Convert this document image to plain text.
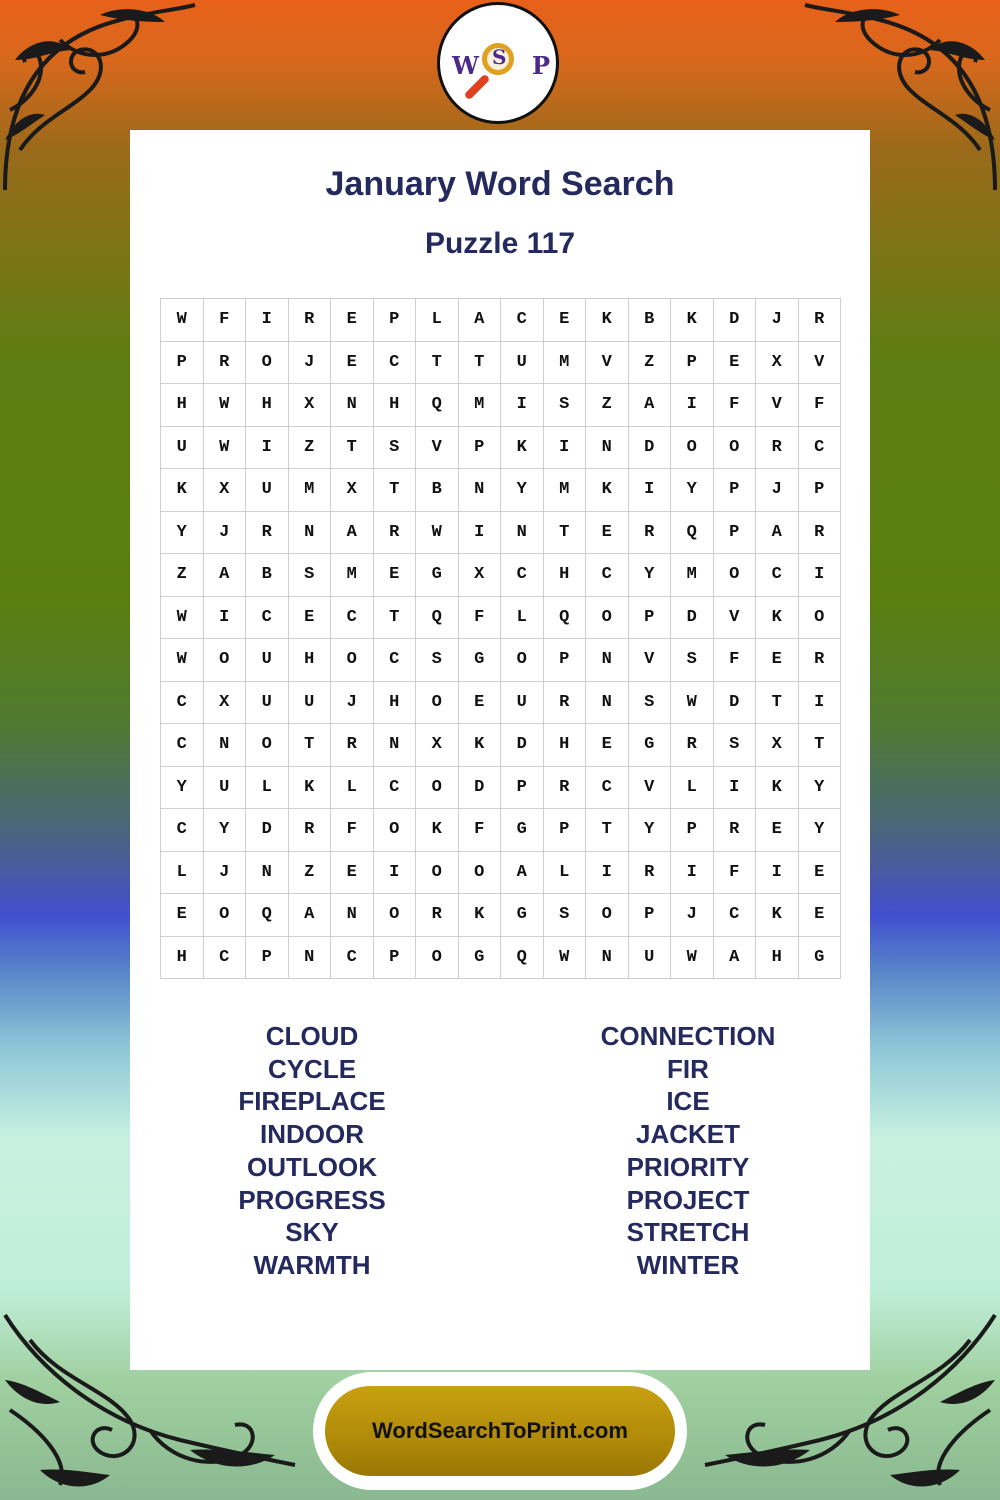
W S P
January Word Search
Puzzle 117
W	F	I	R	E	P	L	A	C	E	K	B	K	D	J	R
P	R	O	J	E	C	T	T	U	M	V	Z	P	E	X	V
H	W	H	X	N	H	Q	M	I	S	Z	A	I	F	V	F
U	W	I	Z	T	S	V	P	K	I	N	D	O	O	R	C
K	X	U	M	X	T	B	N	Y	M	K	I	Y	P	J	P
Y	J	R	N	A	R	W	I	N	T	E	R	Q	P	A	R
Z	A	B	S	M	E	G	X	C	H	C	Y	M	O	C	I
W	I	C	E	C	T	Q	F	L	Q	O	P	D	V	K	O
W	O	U	H	O	C	S	G	O	P	N	V	S	F	E	R
C	X	U	U	J	H	O	E	U	R	N	S	W	D	T	I
C	N	O	T	R	N	X	K	D	H	E	G	R	S	X	T
Y	U	L	K	L	C	O	D	P	R	C	V	L	I	K	Y
C	Y	D	R	F	O	K	F	G	P	T	Y	P	R	E	Y
L	J	N	Z	E	I	O	O	A	L	I	R	I	F	I	E
E	O	Q	A	N	O	R	K	G	S	O	P	J	C	K	E
H	C	P	N	C	P	O	G	Q	W	N	U	W	A	H	G
CLOUD
CYCLE
FIREPLACE
INDOOR
OUTLOOK
PROGRESS
SKY
WARMTH
CONNECTION
FIR
ICE
JACKET
PRIORITY
PROJECT
STRETCH
WINTER
WordSearchToPrint.com
